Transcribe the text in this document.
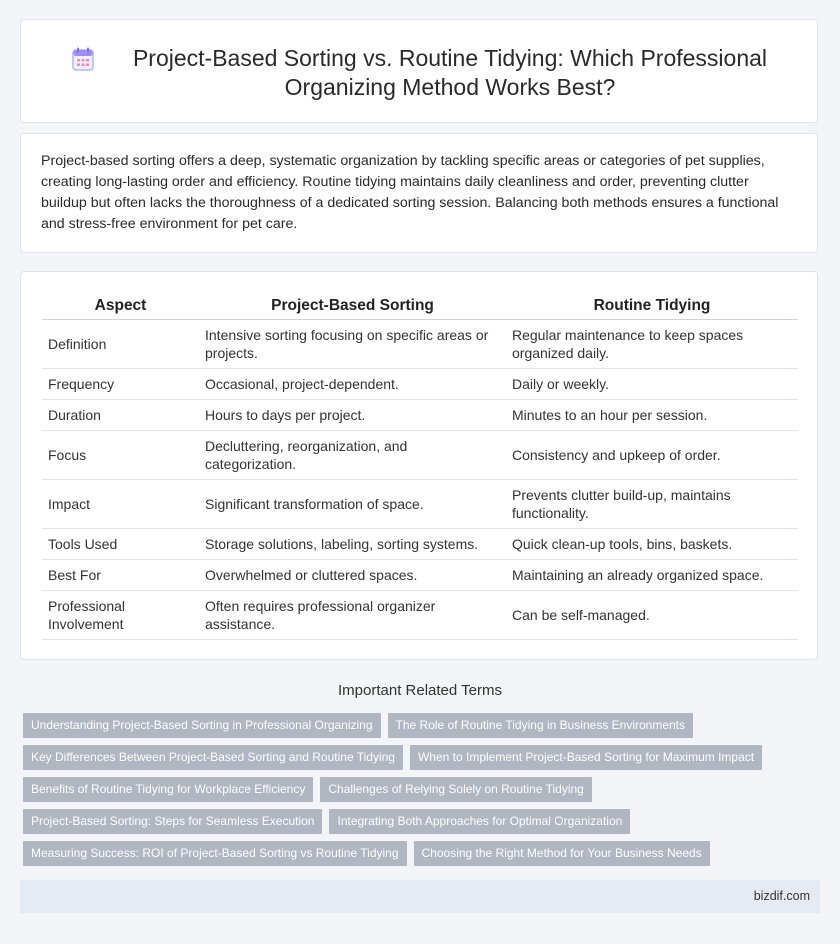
Project-Based Sorting vs. Routine Tidying: Which Professional Organizing Method Works Best?

Project-based sorting offers a deep, systematic organization by tackling specific areas or categories of pet supplies, creating long-lasting order and efficiency. Routine tidying maintains daily cleanliness and order, preventing clutter buildup but often lacks the thoroughness of a dedicated sorting session. Balancing both methods ensures a functional and stress-free environment for pet care.

Aspect	Project-Based Sorting	Routine Tidying
Definition	Intensive sorting focusing on specific areas or projects.	Regular maintenance to keep spaces organized daily.
Frequency	Occasional, project-dependent.	Daily or weekly.
Duration	Hours to days per project.	Minutes to an hour per session.
Focus	Decluttering, reorganization, and categorization.	Consistency and upkeep of order.
Impact	Significant transformation of space.	Prevents clutter build-up, maintains functionality.
Tools Used	Storage solutions, labeling, sorting systems.	Quick clean-up tools, bins, baskets.
Best For	Overwhelmed or cluttered spaces.	Maintaining an already organized space.
Professional Involvement	Often requires professional organizer assistance.	Can be self-managed.
Important Related Terms
Understanding Project-Based Sorting in Professional Organizing	The Role of Routine Tidying in Business Environments
Key Differences Between Project-Based Sorting and Routine Tidying	When to Implement Project-Based Sorting for Maximum Impact
Benefits of Routine Tidying for Workplace Efficiency	Challenges of Relying Solely on Routine Tidying
Project-Based Sorting: Steps for Seamless Execution	Integrating Both Approaches for Optimal Organization
Measuring Success: ROI of Project-Based Sorting vs Routine Tidying	Choosing the Right Method for Your Business Needs
bizdif.com
